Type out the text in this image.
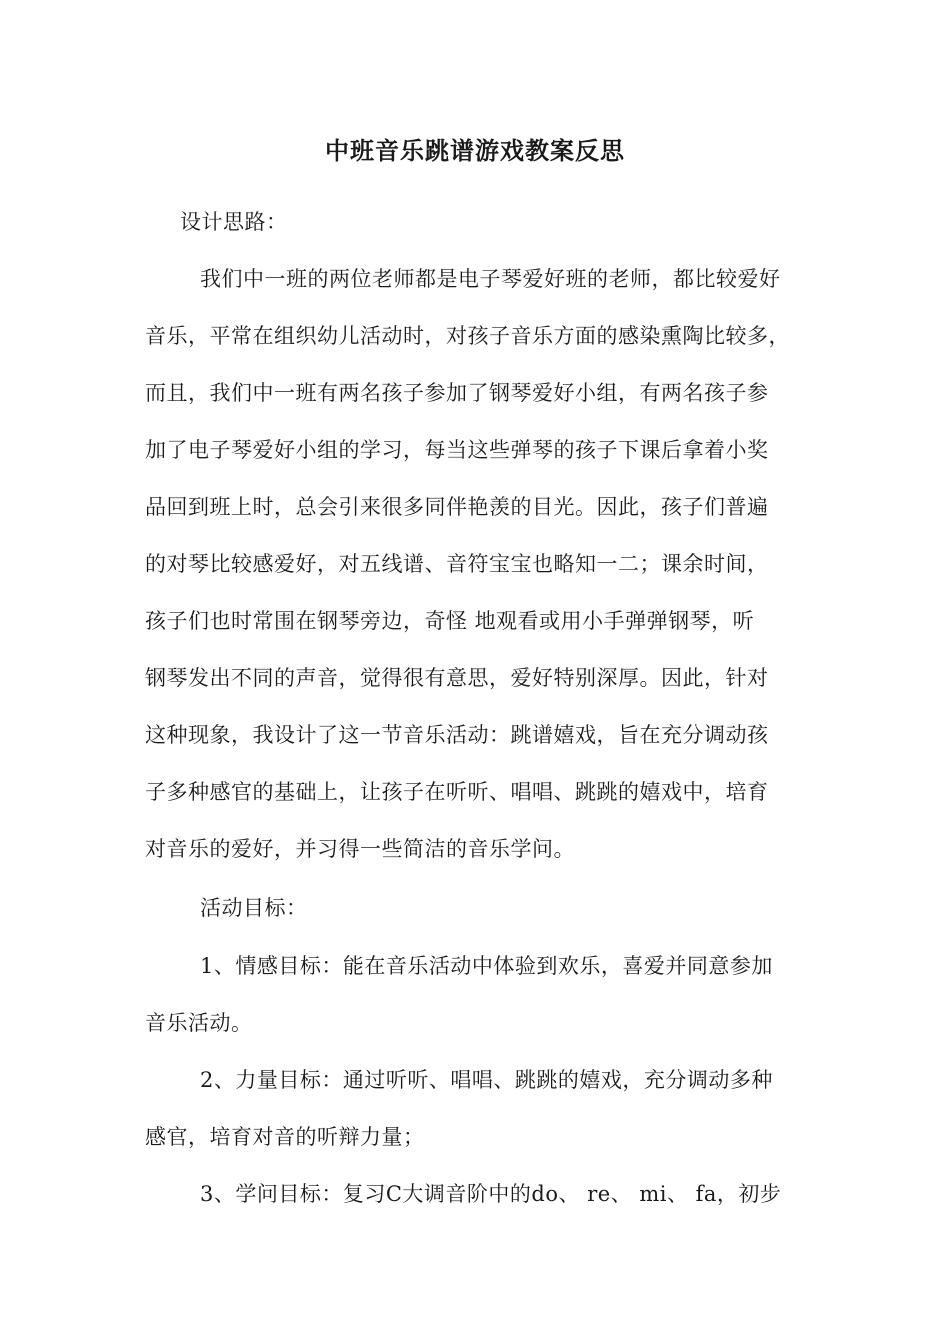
中班音乐跳谱游戏教案反思
设计思路：
我们中一班的两位老师都是电子琴爱好班的老师，都比较爱好
音乐，平常在组织幼儿活动时，对孩子音乐方面的感染熏陶比较多，
而且，我们中一班有两名孩子参加了钢琴爱好小组，有两名孩子参
加了电子琴爱好小组的学习，每当这些弹琴的孩子下课后拿着小奖
品回到班上时，总会引来很多同伴艳羡的目光。因此，孩子们普遍
的对琴比较感爱好，对五线谱、音符宝宝也略知一二；课余时间，
孩子们也时常围在钢琴旁边，奇怪 地观看或用小手弹弹钢琴，听
钢琴发出不同的声音，觉得很有意思，爱好特别深厚。因此，针对
这种现象，我设计了这一节音乐活动：跳谱嬉戏，旨在充分调动孩
子多种感官的基础上，让孩子在听听、唱唱、跳跳的嬉戏中，培育
对音乐的爱好，并习得一些简洁的音乐学问。
活动目标：
1、情感目标：能在音乐活动中体验到欢乐，喜爱并同意参加
音乐活动。
2、力量目标：通过听听、唱唱、跳跳的嬉戏，充分调动多种
感官，培育对音的听辩力量；
3、学问目标：复习C大调音阶中的do、 re、 mi、 fa，初步
